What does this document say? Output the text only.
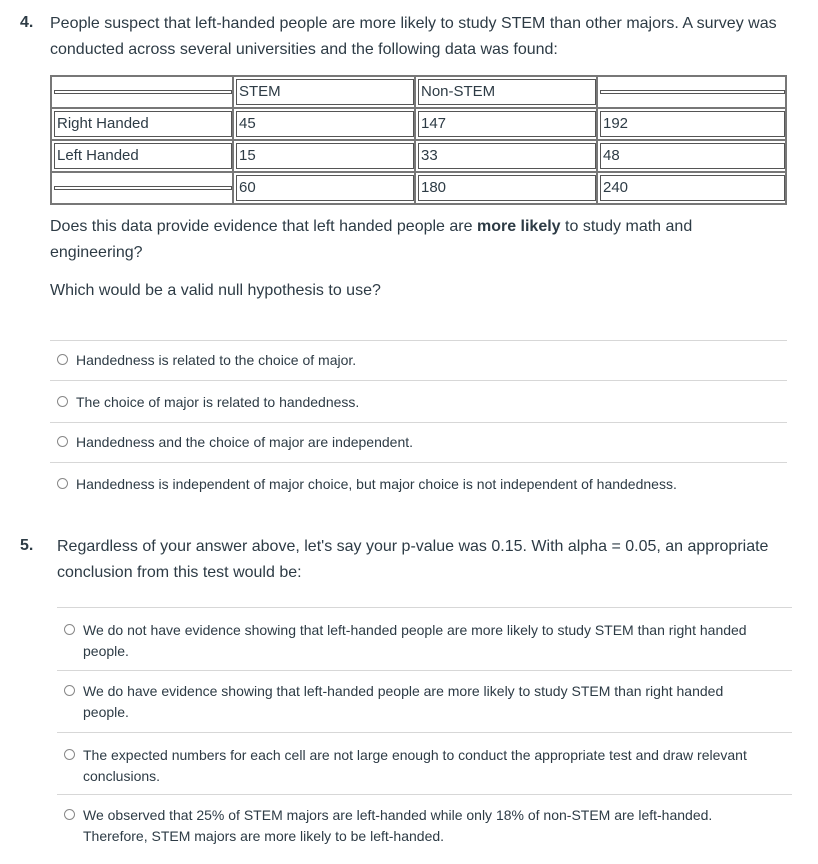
4. People suspect that left-handed people are more likely to study STEM than other majors. A survey was conducted across several universities and the following data was found:

	STEM	Non-STEM	

Right Handed	45	147	192

Left Handed	15	33	48

	60	180	240
Does this data provide evidence that left handed people are more likely to study math and engineering?
Which would be a valid null hypothesis to use?
Handedness is related to the choice of major.
The choice of major is related to handedness.
Handedness and the choice of major are independent.
Handedness is independent of major choice, but major choice is not independent of handedness.
5. Regardless of your answer above, let's say your p-value was 0.15. With alpha = 0.05, an appropriate conclusion from this test would be:
We do not have evidence showing that left-handed people are more likely to study STEM than right handed people.
We do have evidence showing that left-handed people are more likely to study STEM than right handed people.
The expected numbers for each cell are not large enough to conduct the appropriate test and draw relevant conclusions.
We observed that 25% of STEM majors are left-handed while only 18% of non-STEM are left-handed. Therefore, STEM majors are more likely to be left-handed.
